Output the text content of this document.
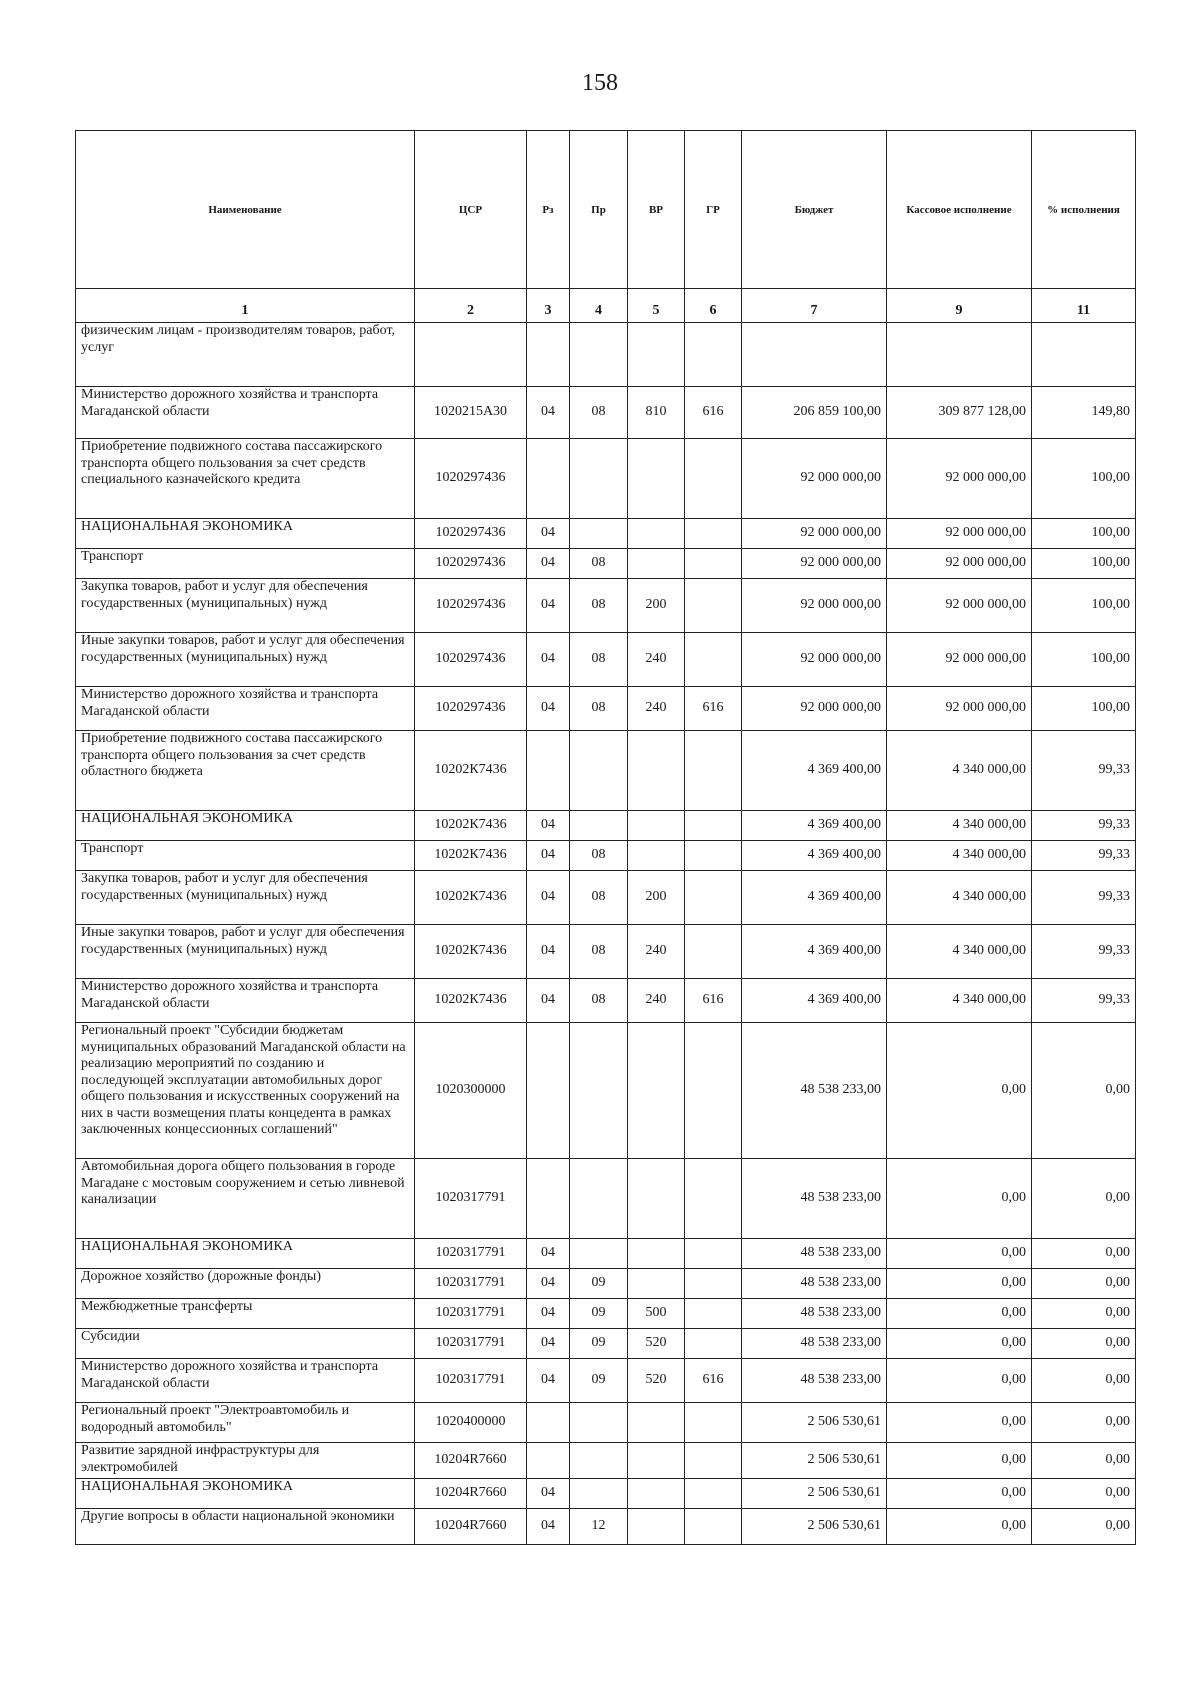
158
Наименование	ЦСР	Рз	Пр	ВР	ГР	Бюджет	Кассовое исполнение	% исполнения
1	2	3	4	5	6	7	9	11
физическим лицам - производителям товаров, работ, услуг								
Министерство дорожного хозяйства и транспорта Магаданской области	1020215А30	04	08	810	616	206 859 100,00	309 877 128,00	149,80
Приобретение подвижного состава пассажирского транспорта общего пользования за счет средств специального казначейского кредита	1020297436					92 000 000,00	92 000 000,00	100,00
НАЦИОНАЛЬНАЯ ЭКОНОМИКА	1020297436	04				92 000 000,00	92 000 000,00	100,00
Транспорт	1020297436	04	08			92 000 000,00	92 000 000,00	100,00
Закупка товаров, работ и услуг для обеспечения государственных (муниципальных) нужд	1020297436	04	08	200		92 000 000,00	92 000 000,00	100,00
Иные закупки товаров, работ и услуг для обеспечения государственных (муниципальных) нужд	1020297436	04	08	240		92 000 000,00	92 000 000,00	100,00
Министерство дорожного хозяйства и транспорта Магаданской области	1020297436	04	08	240	616	92 000 000,00	92 000 000,00	100,00
Приобретение подвижного состава пассажирского транспорта общего пользования за счет средств областного бюджета	10202К7436					4 369 400,00	4 340 000,00	99,33
НАЦИОНАЛЬНАЯ ЭКОНОМИКА	10202К7436	04				4 369 400,00	4 340 000,00	99,33
Транспорт	10202К7436	04	08			4 369 400,00	4 340 000,00	99,33
Закупка товаров, работ и услуг для обеспечения государственных (муниципальных) нужд	10202К7436	04	08	200		4 369 400,00	4 340 000,00	99,33
Иные закупки товаров, работ и услуг для обеспечения государственных (муниципальных) нужд	10202К7436	04	08	240		4 369 400,00	4 340 000,00	99,33
Министерство дорожного хозяйства и транспорта Магаданской области	10202К7436	04	08	240	616	4 369 400,00	4 340 000,00	99,33
Региональный проект "Субсидии бюджетам муниципальных образований Магаданской области на реализацию мероприятий по созданию и последующей эксплуатации автомобильных дорог общего пользования и искусственных сооружений на них в части возмещения платы концедента в рамках заключенных концессионных соглашений"	1020300000					48 538 233,00	0,00	0,00
Автомобильная дорога общего пользования в городе Магадане с мостовым сооружением и сетью ливневой канализации	1020317791					48 538 233,00	0,00	0,00
НАЦИОНАЛЬНАЯ ЭКОНОМИКА	1020317791	04				48 538 233,00	0,00	0,00
Дорожное хозяйство (дорожные фонды)	1020317791	04	09			48 538 233,00	0,00	0,00
Межбюджетные трансферты	1020317791	04	09	500		48 538 233,00	0,00	0,00
Субсидии	1020317791	04	09	520		48 538 233,00	0,00	0,00
Министерство дорожного хозяйства и транспорта Магаданской области	1020317791	04	09	520	616	48 538 233,00	0,00	0,00
Региональный проект "Электроавтомобиль и водородный автомобиль"	1020400000					2 506 530,61	0,00	0,00
Развитие зарядной инфраструктуры для электромобилей	10204R7660					2 506 530,61	0,00	0,00
НАЦИОНАЛЬНАЯ ЭКОНОМИКА	10204R7660	04				2 506 530,61	0,00	0,00
Другие вопросы в области национальной экономики	10204R7660	04	12			2 506 530,61	0,00	0,00
